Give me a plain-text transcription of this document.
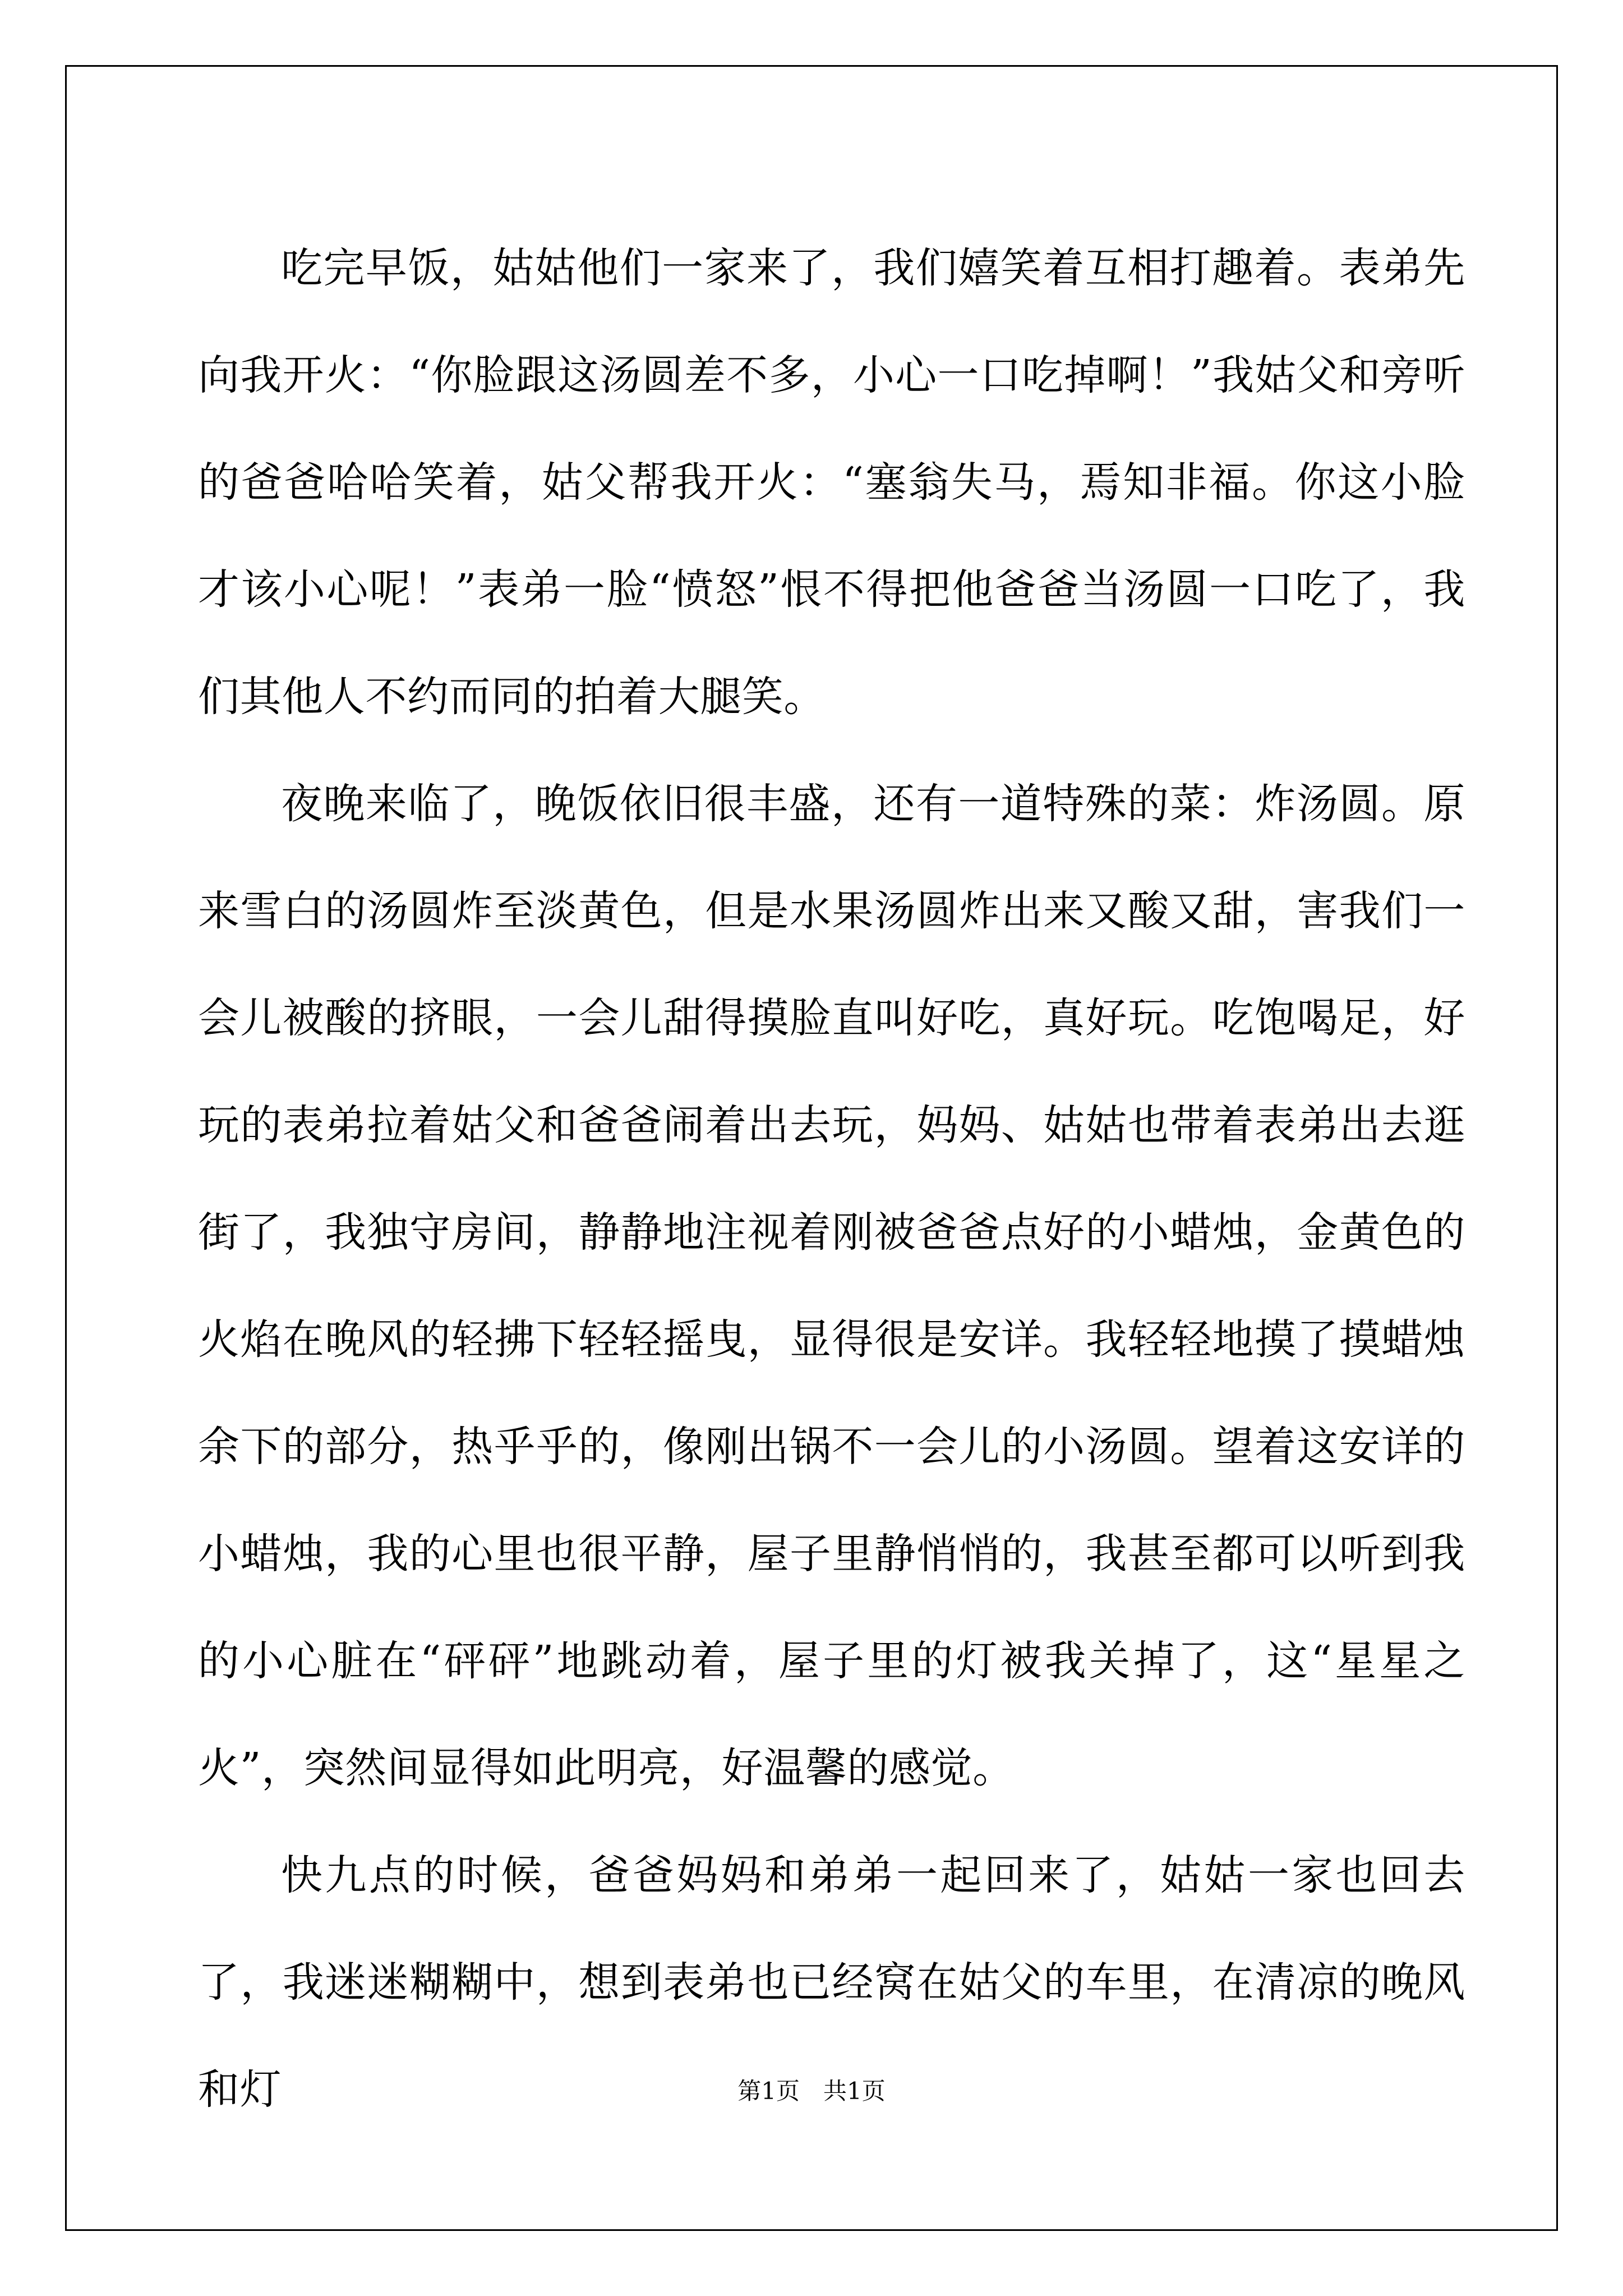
吃完早饭，姑姑他们一家来了，我们嬉笑着互相打趣着。表弟先向我开火：“你脸跟这汤圆差不多，小心一口吃掉啊！”我姑父和旁听的爸爸哈哈笑着，姑父帮我开火：“塞翁失马，焉知非福。你这小脸才该小心呢！”表弟一脸“愤怒”恨不得把他爸爸当汤圆一口吃了，我们其他人不约而同的拍着大腿笑。

夜晚来临了，晚饭依旧很丰盛，还有一道特殊的菜：炸汤圆。原来雪白的汤圆炸至淡黄色，但是水果汤圆炸出来又酸又甜，害我们一会儿被酸的挤眼，一会儿甜得摸脸直叫好吃，真好玩。吃饱喝足，好玩的表弟拉着姑父和爸爸闹着出去玩，妈妈、姑姑也带着表弟出去逛街了，我独守房间，静静地注视着刚被爸爸点好的小蜡烛，金黄色的火焰在晚风的轻拂下轻轻摇曳，显得很是安详。我轻轻地摸了摸蜡烛余下的部分，热乎乎的，像刚出锅不一会儿的小汤圆。望着这安详的小蜡烛，我的心里也很平静，屋子里静悄悄的，我甚至都可以听到我的小心脏在“砰砰”地跳动着，屋子里的灯被我关掉了，这“星星之火”，突然间显得如此明亮，好温馨的感觉。

快九点的时候，爸爸妈妈和弟弟一起回来了，姑姑一家也回去了，我迷迷糊糊中，想到表弟也已经窝在姑父的车里，在清凉的晚风和灯	第1页　共1页
